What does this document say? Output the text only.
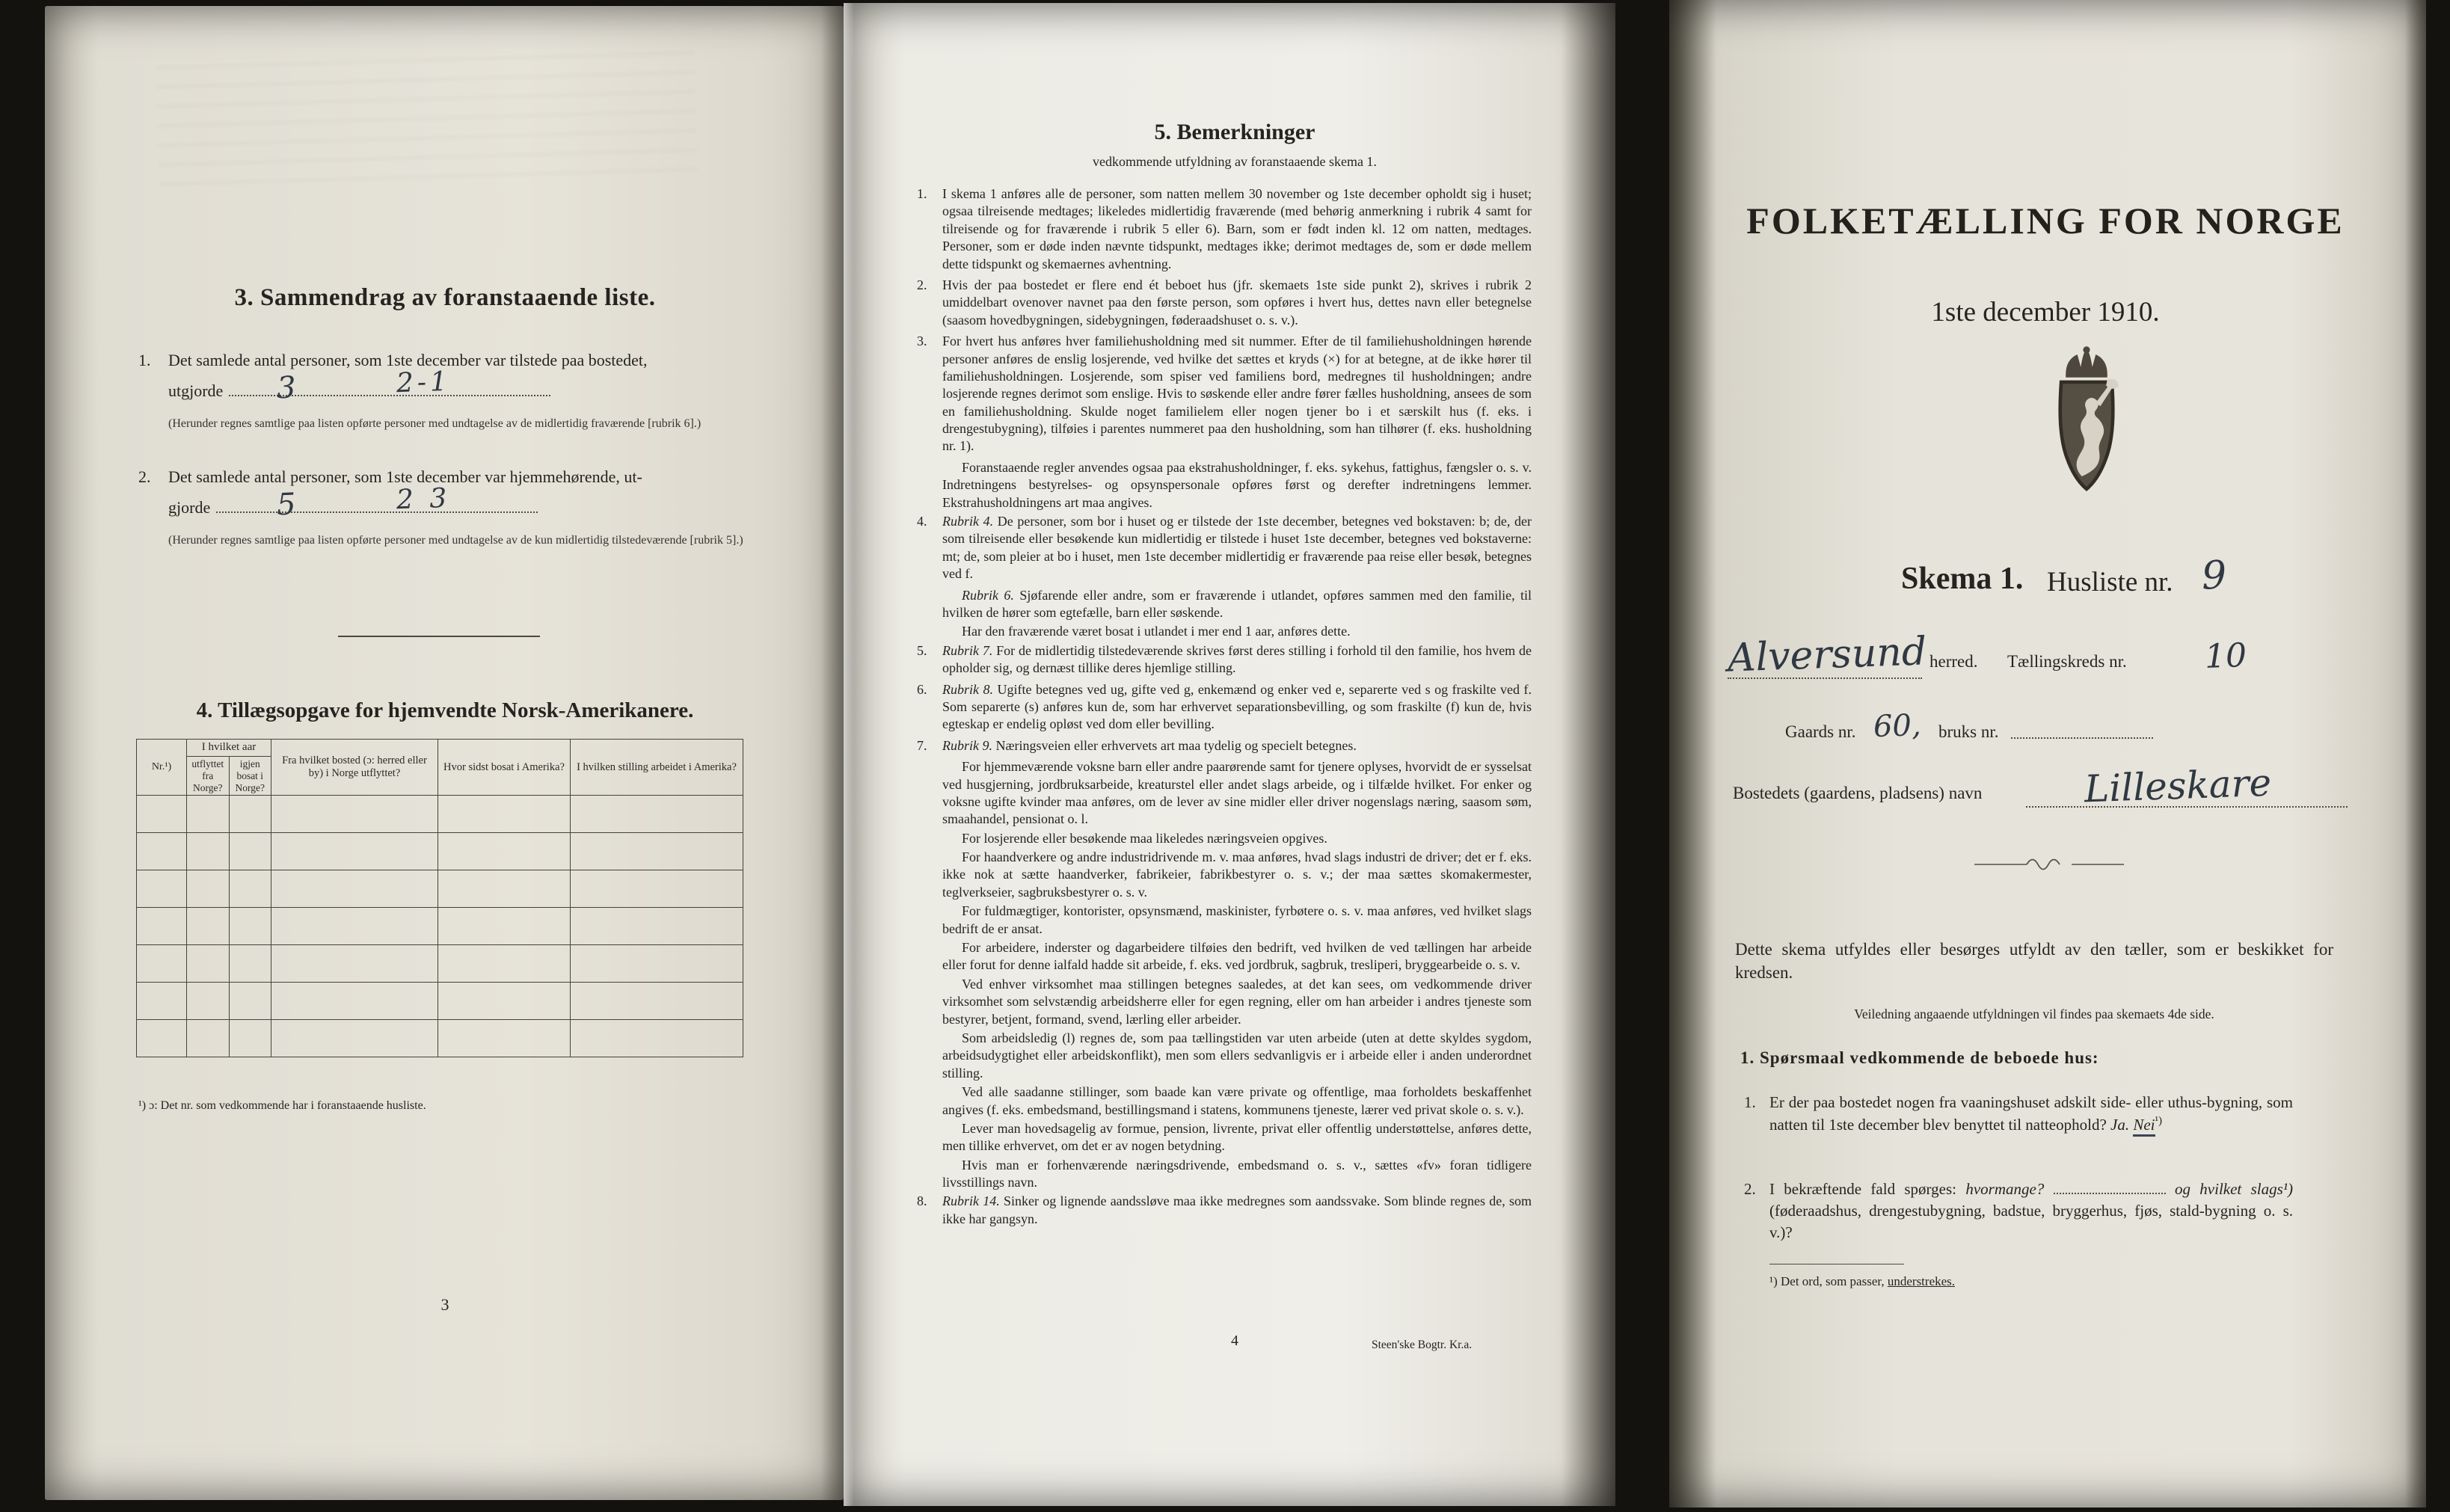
3. Sammendrag av foranstaaende liste.
1. Det samlede antal personer, som 1ste december var tilstede paa bostedet,
utgjorde 3	2-1
(Herunder regnes samtlige paa listen opførte personer med undtagelse av de midlertidig fraværende [rubrik 6].)
2. Det samlede antal personer, som 1ste december var hjemmehørende, ut-
gjorde 5	2 3
(Herunder regnes samtlige paa listen opførte personer med undtagelse av de kun midlertidig tilstedeværende [rubrik 5].)
4. Tillægsopgave for hjemvendte Norsk-Amerikanere.
Nr.¹)	I hvilket aar		Fra hvilket bosted (ɔ: herred eller by) i Norge utflyttet?	Hvor sidst bosat i Amerika?	I hvilken stilling arbeidet i Amerika?
	utflyttet fra Norge?	igjen bosat i Norge?			

¹) ɔ: Det nr. som vedkommende har i foranstaaende husliste.
3
5. Bemerkninger
vedkommende utfyldning av foranstaaende skema 1.

1. I skema 1 anføres alle de personer, som natten mellem 30 november og 1ste december opholdt sig i huset; ogsaa tilreisende medtages; likeledes midlertidig fraværende (med behørig anmerkning i rubrik 4 samt for tilreisende og for fraværende i rubrik 5 eller 6). Barn, som er født inden kl. 12 om natten, medtages. Personer, som er døde inden nævnte tidspunkt, medtages ikke; derimot medtages de, som er døde mellem dette tidspunkt og skemaernes avhentning.

2. Hvis der paa bostedet er flere end ét beboet hus (jfr. skemaets 1ste side punkt 2), skrives i rubrik 2 umiddelbart ovenover navnet paa den første person, som opføres i hvert hus, dettes navn eller betegnelse (saasom hovedbygningen, sidebygningen, føderaadshuset o. s. v.).

3. For hvert hus anføres hver familiehusholdning med sit nummer. Efter de til familiehusholdningen hørende personer anføres de enslig losjerende, ved hvilke det sættes et kryds (×) for at betegne, at de ikke hører til familiehusholdningen. Losjerende, som spiser ved familiens bord, medregnes til husholdningen; andre losjerende regnes derimot som enslige. Hvis to søskende eller andre fører fælles husholdning, ansees de som en familiehusholdning. Skulde noget familielem eller nogen tjener bo i et særskilt hus (f. eks. i drengestubygning), tilføies i parentes nummeret paa den husholdning, som han tilhører (f. eks. husholdning nr. 1).

Foranstaaende regler anvendes ogsaa paa ekstrahusholdninger, f. eks. sykehus, fattighus, fængsler o. s. v. Indretningens bestyrelses- og opsynspersonale opføres først og derefter indretningens lemmer. Ekstrahusholdningens art maa angives.

4. Rubrik 4. De personer, som bor i huset og er tilstede der 1ste december, betegnes ved bokstaven: b; de, der som tilreisende eller besøkende kun midlertidig er tilstede i huset 1ste december, betegnes ved bokstaverne: mt; de, som pleier at bo i huset, men 1ste december midlertidig er fraværende paa reise eller besøk, betegnes ved f.

Rubrik 6. Sjøfarende eller andre, som er fraværende i utlandet, opføres sammen med den familie, til hvilken de hører som egtefælle, barn eller søskende.

Har den fraværende været bosat i utlandet i mer end 1 aar, anføres dette.

5. Rubrik 7. For de midlertidig tilstedeværende skrives først deres stilling i forhold til den familie, hos hvem de opholder sig, og dernæst tillike deres hjemlige stilling.

6. Rubrik 8. Ugifte betegnes ved ug, gifte ved g, enkemænd og enker ved e, separerte ved s og fraskilte ved f. Som separerte (s) anføres kun de, som har erhvervet separationsbevilling, og som fraskilte (f) kun de, hvis egteskap er endelig opløst ved dom eller bevilling.

7. Rubrik 9. Næringsveien eller erhvervets art maa tydelig og specielt betegnes.

For hjemmeværende voksne barn eller andre paarørende samt for tjenere oplyses, hvorvidt de er sysselsat ved husgjerning, jordbruksarbeide, kreaturstel eller andet slags arbeide, og i tilfælde hvilket. For enker og voksne ugifte kvinder maa anføres, om de lever av sine midler eller driver nogenslags næring, saasom søm, smaahandel, pensionat o. l.

For losjerende eller besøkende maa likeledes næringsveien opgives.

For haandverkere og andre industridrivende m. v. maa anføres, hvad slags industri de driver; det er f. eks. ikke nok at sætte haandverker, fabrikeier, fabrikbestyrer o. s. v.; der maa sættes skomakermester, teglverkseier, sagbruksbestyrer o. s. v.

For fuldmægtiger, kontorister, opsynsmænd, maskinister, fyrbøtere o. s. v. maa anføres, ved hvilket slags bedrift de er ansat.

For arbeidere, inderster og dagarbeidere tilføies den bedrift, ved hvilken de ved tællingen har arbeide eller forut for denne ialfald hadde sit arbeide, f. eks. ved jordbruk, sagbruk, tresliperi, bryggearbeide o. s. v.

Ved enhver virksomhet maa stillingen betegnes saaledes, at det kan sees, om vedkommende driver virksomhet som selvstændig arbeidsherre eller for egen regning, eller om han arbeider i andres tjeneste som bestyrer, betjent, formand, svend, lærling eller arbeider.

Som arbeidsledig (l) regnes de, som paa tællingstiden var uten arbeide (uten at dette skyldes sygdom, arbeidsudygtighet eller arbeidskonflikt), men som ellers sedvanligvis er i arbeide eller i anden underordnet stilling.

Ved alle saadanne stillinger, som baade kan være private og offentlige, maa forholdets beskaffenhet angives (f. eks. embedsmand, bestillingsmand i statens, kommunens tjeneste, lærer ved privat skole o. s. v.).

Lever man hovedsagelig av formue, pension, livrente, privat eller offentlig understøttelse, anføres dette, men tillike erhvervet, om det er av nogen betydning.

Hvis man er forhenværende næringsdrivende, embedsmand o. s. v., sættes «fv» foran tidligere livsstillings navn.

8. Rubrik 14. Sinker og lignende aandssløve maa ikke medregnes som aandssvake. Som blinde regnes de, som ikke har gangsyn.

4	Steen'ske Bogtr. Kr.a.
FOLKETÆLLING FOR NORGE
1ste december 1910.
Skema 1. Husliste nr. 9
Alversund herred. Tællingskreds nr. 10
Gaards nr. 60, bruks nr.
Bostedets (gaardens, pladsens) navn	Lilleskare
Dette skema utfyldes eller besørges utfyldt av den tæller, som er beskikket for kredsen.
Veiledning angaaende utfyldningen vil findes paa skemaets 4de side.
1. Spørsmaal vedkommende de beboede hus:
1. Er der paa bostedet nogen fra vaaningshuset adskilt side- eller uthus-bygning, som natten til 1ste december blev benyttet til natteophold? Ja. Nei$^{^1)}$
2. I bekræftende fald spørges: hvormange?	og hvilket slags¹) (føderaadshus, drengestubygning, badstue, bryggerhus, fjøs, stald-bygning o. s. v.)?
¹) Det ord, som passer, understrekes.
